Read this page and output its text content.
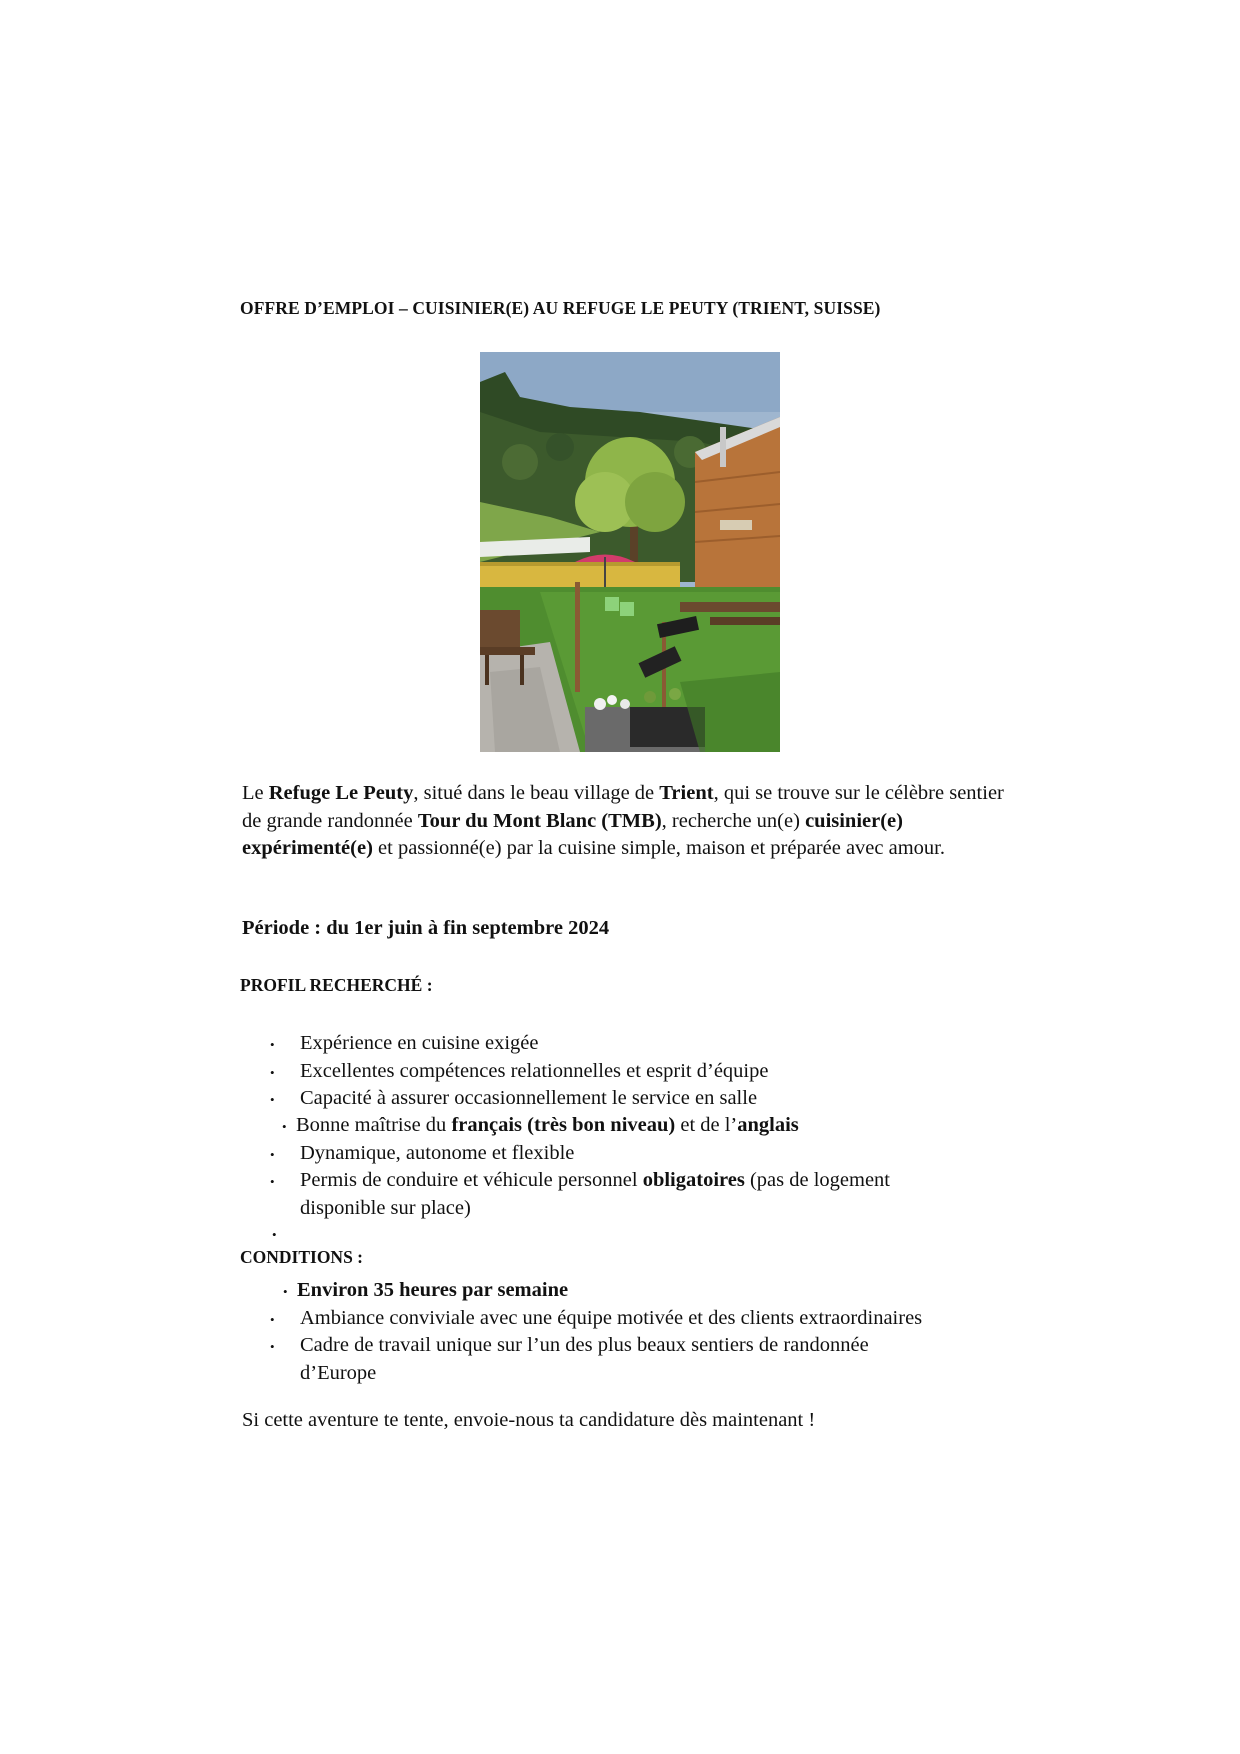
OFFRE D’EMPLOI – CUISINIER(E) AU REFUGE LE PEUTY (TRIENT, SUISSE)
Le Refuge Le Peuty, situé dans le beau village de Trient, qui se trouve sur le célèbre sentier de grande randonnée Tour du Mont Blanc (TMB), recherche un(e) cuisinier(e) expérimenté(e) et passionné(e) par la cuisine simple, maison et préparée avec amour.
Période : du 1er juin à fin septembre 2024
PROFIL RECHERCHÉ :
• Expérience en cuisine exigée
• Excellentes compétences relationnelles et esprit d’équipe
• Capacité à assurer occasionnellement le service en salle
• Bonne maîtrise du français (très bon niveau) et de l’anglais
• Dynamique, autonome et flexible
• Permis de conduire et véhicule personnel obligatoires (pas de logement
disponible sur place)
•
CONDITIONS :
• Environ 35 heures par semaine
• Ambiance conviviale avec une équipe motivée et des clients extraordinaires
• Cadre de travail unique sur l’un des plus beaux sentiers de randonnée
d’Europe
Si cette aventure te tente, envoie-nous ta candidature dès maintenant !
